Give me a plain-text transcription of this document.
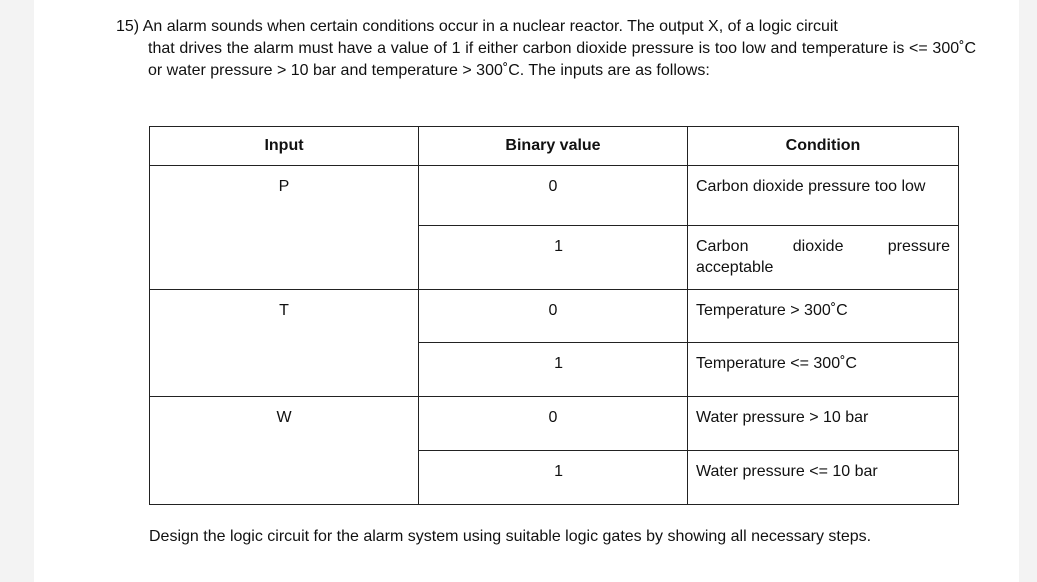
15) An alarm sounds when certain conditions occur in a nuclear reactor. The output X, of a logic circuit
that drives the alarm must have a value of 1 if either carbon dioxide pressure is too low and temperature is <= 300˚C or water pressure > 10 bar and temperature > 300˚C. The inputs are as follows:
Input	Binary value	Condition

P	0	Carbon dioxide pressure too low

	1	Carbon dioxide pressure acceptable

T	0	Temperature > 300˚C

	1	Temperature <= 300˚C

W	0	Water pressure > 10 bar

	1	Water pressure <= 10 bar
Design the logic circuit for the alarm system using suitable logic gates by showing all necessary steps.
